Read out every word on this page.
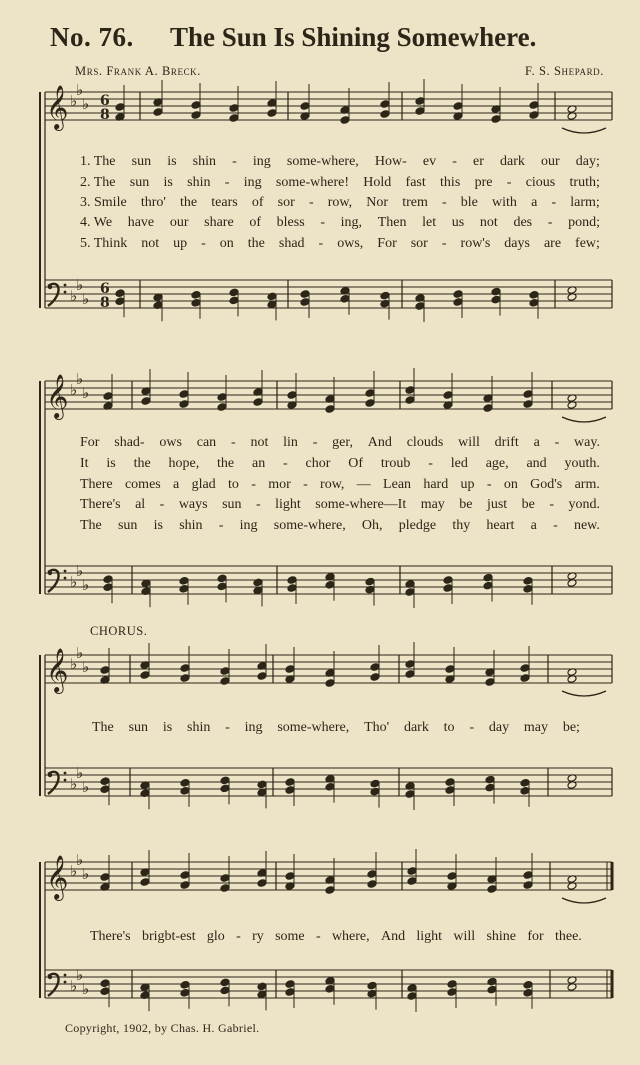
No. 76. The Sun Is Shining Somewhere.
Mrs. Frank A. Breck.	F. S. Shepard.
𝄞 ♭
♭
♭
♭
♭
♭
6
8
6
8
𝄞 ♭
♭
♭
♭
♭
♭
𝄞 ♭
♭
♭
♭
♭
♭
𝄞 ♭
♭
♭
♭
♭
♭
1. The sun is shin - ing some-where, How- ev - er dark our day;
2. The sun is shin - ing some-where! Hold fast this pre - cious truth;
3. Smile thro' the tears of sor - row, Nor trem - ble with a - larm;
4. We have our share of bless - ing, Then let us not des - pond;
5. Think not up - on the shad - ows, For sor - row's days are few;
For shad- ows can - not lin - ger, And clouds will drift a - way.
It is the hope, the an - chor Of troub - led age, and youth.
There comes a glad to - mor - row, — Lean hard up - on God's arm.
There's al - ways sun - light some-where—It may be just be - yond.
The sun is shin - ing some-where, Oh, pledge thy heart a - new.
CHORUS.
The sun is shin - ing some-where, Tho' dark to - day may be;
There's brigbt-est glo - ry some - where, And light will shine for thee.
Copyright, 1902, by Chas. H. Gabriel.
